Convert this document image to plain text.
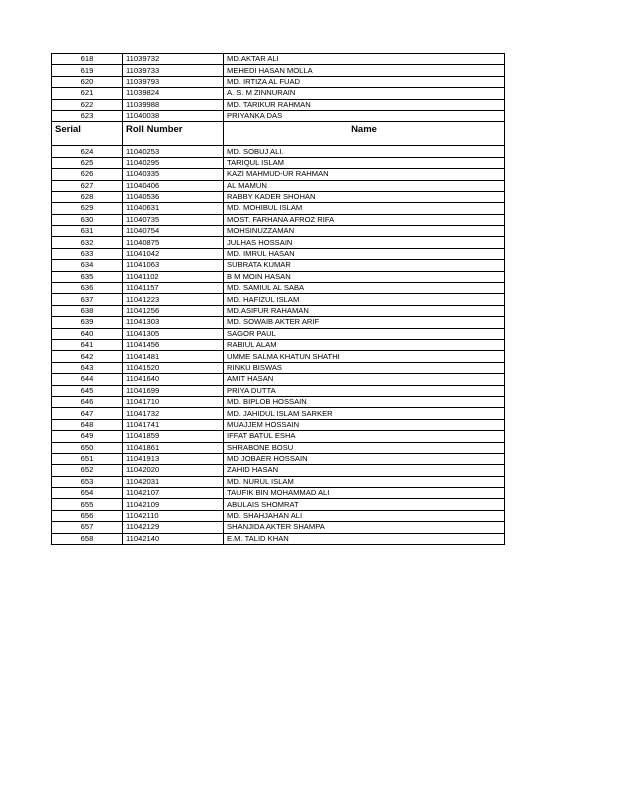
618	11039732	MD.AKTAR ALI
619	11039733	MEHEDI HASAN MOLLA
620	11039793	MD. IRTIZA AL FUAD
621	11039824	A. S. M ZINNURAIN
622	11039988	MD. TARIKUR RAHMAN
623	11040038	PRIYANKA DAS
Serial	Roll Number	Name

624	11040253	MD. SOBUJ ALI.
625	11040295	TARIQUL ISLAM
626	11040335	KAZI MAHMUD-UR RAHMAN
627	11040406	AL MAMUN
628	11040536	RABBY KADER SHOHAN
629	11040631	MD. MOHIBUL ISLAM
630	11040735	MOST. FARHANA AFROZ RIFA
631	11040754	MOHSINUZZAMAN
632	11040875	JULHAS HOSSAIN
633	11041042	MD. IMRUL HASAN
634	11041063	SUBRATA KUMAR
635	11041102	B M MOIN HASAN
636	11041157	MD. SAMIUL AL SABA
637	11041223	MD. HAFIZUL ISLAM
638	11041256	MD.ASIFUR RAHAMAN
639	11041303	MD. SOWAIB AKTER ARIF
640	11041305	SAGOR PAUL
641	11041456	RABIUL ALAM
642	11041481	UMME SALMA KHATUN SHATHI
643	11041520	RINKU BISWAS
644	11041640	AMIT HASAN
645	11041699	PRIYA DUTTA
646	11041710	MD. BIPLOB HOSSAIN
647	11041732	MD. JAHIDUL ISLAM SARKER
648	11041741	MUAJJEM HOSSAIN
649	11041859	IFFAT BATUL ESHA
650	11041861	SHRABONE BOSU
651	11041913	MD JOBAER HOSSAIN
652	11042020	ZAHID HASAN
653	11042031	MD. NURUL ISLAM
654	11042107	TAUFIK BIN MOHAMMAD ALI
655	11042109	ABULAIS SHOMRAT
656	11042110	MD. SHAHJAHAN ALI
657	11042129	SHANJIDA AKTER SHAMPA
658	11042140	E.M. TALID KHAN
